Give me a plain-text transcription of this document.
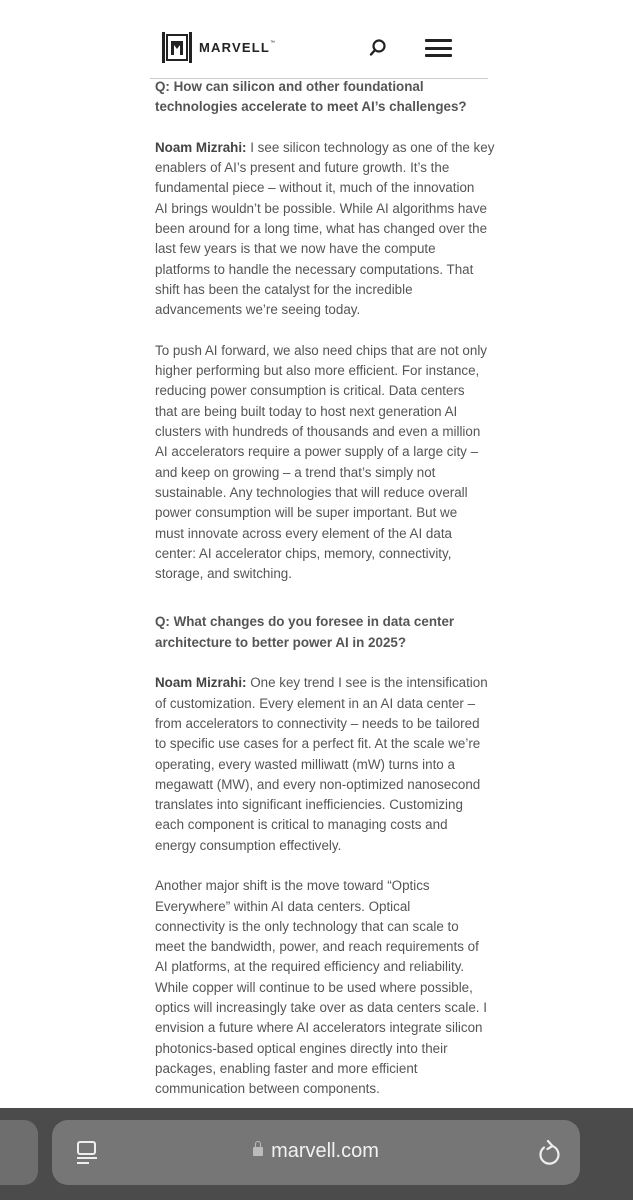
MARVELL™
Q: How can silicon and other foundational
technologies accelerate to meet AI’s challenges?
Noam Mizrahi: I see silicon technology as one of the key
enablers of AI’s present and future growth. It’s the
fundamental piece – without it, much of the innovation
AI brings wouldn’t be possible. While AI algorithms have
been around for a long time, what has changed over the
last few years is that we now have the compute
platforms to handle the necessary computations. That
shift has been the catalyst for the incredible
advancements we’re seeing today.
To push AI forward, we also need chips that are not only
higher performing but also more efficient. For instance,
reducing power consumption is critical. Data centers
that are being built today to host next generation AI
clusters with hundreds of thousands and even a million
AI accelerators require a power supply of a large city –
and keep on growing – a trend that’s simply not
sustainable. Any technologies that will reduce overall
power consumption will be super important. But we
must innovate across every element of the AI data
center: AI accelerator chips, memory, connectivity,
storage, and switching.
Q: What changes do you foresee in data center
architecture to better power AI in 2025?
Noam Mizrahi: One key trend I see is the intensification
of customization. Every element in an AI data center –
from accelerators to connectivity – needs to be tailored
to specific use cases for a perfect fit. At the scale we’re
operating, every wasted milliwatt (mW) turns into a
megawatt (MW), and every non-optimized nanosecond
translates into significant inefficiencies. Customizing
each component is critical to managing costs and
energy consumption effectively.
Another major shift is the move toward “Optics
Everywhere” within AI data centers. Optical
connectivity is the only technology that can scale to
meet the bandwidth, power, and reach requirements of
AI platforms, at the required efficiency and reliability.
While copper will continue to be used where possible,
optics will increasingly take over as data centers scale. I
envision a future where AI accelerators integrate silicon
photonics-based optical engines directly into their
packages, enabling faster and more efficient
communication between components.
marvell.com
